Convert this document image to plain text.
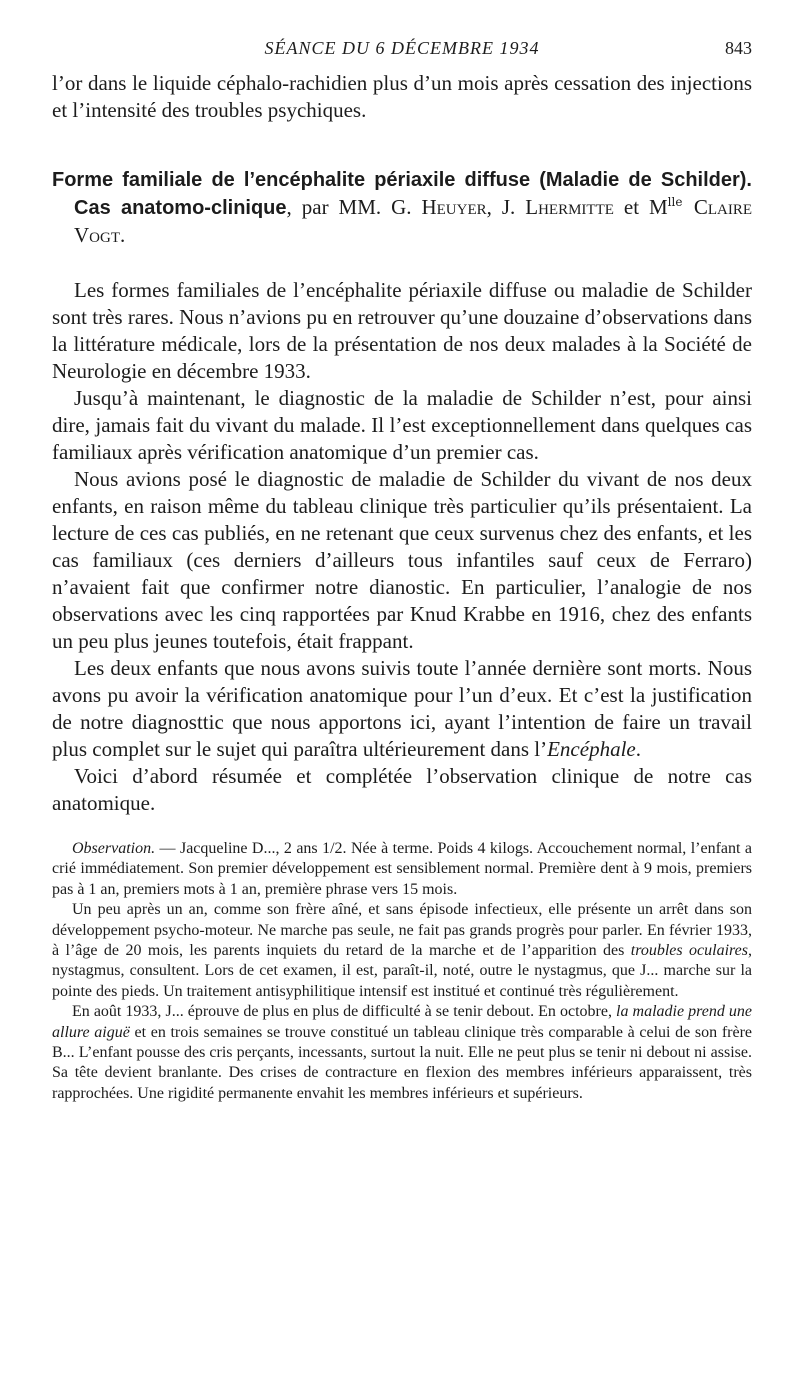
SÉANCE DU 6 DÉCEMBRE 1934	843

l’or dans le liquide céphalo-rachidien plus d’un mois après cessation des injections et l’intensité des troubles psychiques.

Forme familiale de l’encéphalite périaxile diffuse (Maladie de Schilder). Cas anatomo-clinique, par MM. G. Heuyer, J. Lhermitte et $M^{lle}$ Claire Vogt.

Les formes familiales de l’encéphalite périaxile diffuse ou maladie de Schilder sont très rares. Nous n’avions pu en retrouver qu’une douzaine d’observations dans la littérature médicale, lors de la présentation de nos deux malades à la Société de Neurologie en décembre 1933.

Jusqu’à maintenant, le diagnostic de la maladie de Schilder n’est, pour ainsi dire, jamais fait du vivant du malade. Il l’est exceptionnellement dans quelques cas familiaux après vérification anatomique d’un premier cas.

Nous avions posé le diagnostic de maladie de Schilder du vivant de nos deux enfants, en raison même du tableau clinique très particulier qu’ils présentaient. La lecture de ces cas publiés, en ne retenant que ceux survenus chez des enfants, et les cas familiaux (ces derniers d’ailleurs tous infantiles sauf ceux de Ferraro) n’avaient fait que confirmer notre dianostic. En particulier, l’analogie de nos observations avec les cinq rapportées par Knud Krabbe en 1916, chez des enfants un peu plus jeunes toutefois, était frappant.

Les deux enfants que nous avons suivis toute l’année dernière sont morts. Nous avons pu avoir la vérification anatomique pour l’un d’eux. Et c’est la justification de notre diagnosttic que nous apportons ici, ayant l’intention de faire un travail plus complet sur le sujet qui paraîtra ultérieurement dans l’Encéphale.

Voici d’abord résumée et complétée l’observation clinique de notre cas anatomique.

Observation. — Jacqueline D..., 2 ans 1/2. Née à terme. Poids 4 kilogs. Accouchement normal, l’enfant a crié immédiatement. Son premier développement est sensiblement normal. Première dent à 9 mois, premiers pas à 1 an, premiers mots à 1 an, première phrase vers 15 mois.

Un peu après un an, comme son frère aîné, et sans épisode infectieux, elle présente un arrêt dans son développement psycho-moteur. Ne marche pas seule, ne fait pas grands progrès pour parler. En février 1933, à l’âge de 20 mois, les parents inquiets du retard de la marche et de l’apparition des troubles oculaires, nystagmus, consultent. Lors de cet examen, il est, paraît-il, noté, outre le nystagmus, que J... marche sur la pointe des pieds. Un traitement antisyphilitique intensif est institué et continué très régulièrement.

En août 1933, J... éprouve de plus en plus de difficulté à se tenir debout. En octobre, la maladie prend une allure aiguë et en trois semaines se trouve constitué un tableau clinique très comparable à celui de son frère B... L’enfant pousse des cris perçants, incessants, surtout la nuit. Elle ne peut plus se tenir ni debout ni assise. Sa tête devient branlante. Des crises de contracture en flexion des membres inférieurs apparaissent, très rapprochées. Une rigidité permanente envahit les membres inférieurs et supérieurs.
